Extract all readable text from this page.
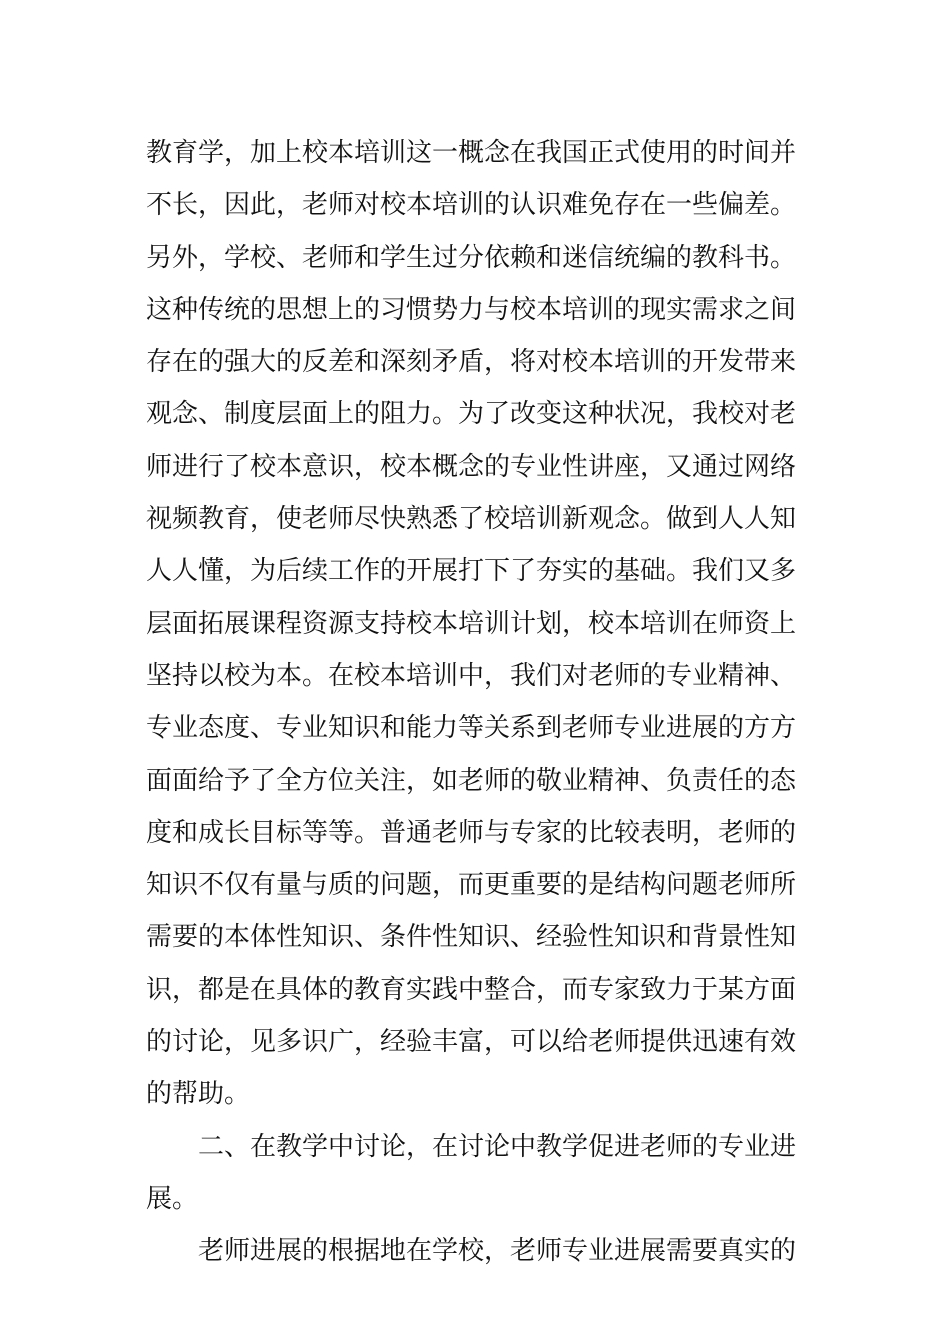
教育学，加上校本培训这一概念在我国正式使用的时间并
不长，因此，老师对校本培训的认识难免存在一些偏差。
另外，学校、老师和学生过分依赖和迷信统编的教科书。
这种传统的思想上的习惯势力与校本培训的现实需求之间
存在的强大的反差和深刻矛盾，将对校本培训的开发带来
观念、制度层面上的阻力。为了改变这种状况，我校对老
师进行了校本意识，校本概念的专业性讲座，又通过网络
视频教育，使老师尽快熟悉了校培训新观念。做到人人知
人人懂，为后续工作的开展打下了夯实的基础。我们又多
层面拓展课程资源支持校本培训计划，校本培训在师资上
坚持以校为本。在校本培训中，我们对老师的专业精神、
专业态度、专业知识和能力等关系到老师专业进展的方方
面面给予了全方位关注，如老师的敬业精神、负责任的态
度和成长目标等等。普通老师与专家的比较表明，老师的
知识不仅有量与质的问题，而更重要的是结构问题老师所
需要的本体性知识、条件性知识、经验性知识和背景性知
识，都是在具体的教育实践中整合，而专家致力于某方面
的讨论，见多识广，经验丰富，可以给老师提供迅速有效
的帮助。
二、在教学中讨论，在讨论中教学促进老师的专业进
展。
老师进展的根据地在学校，老师专业进展需要真实的
